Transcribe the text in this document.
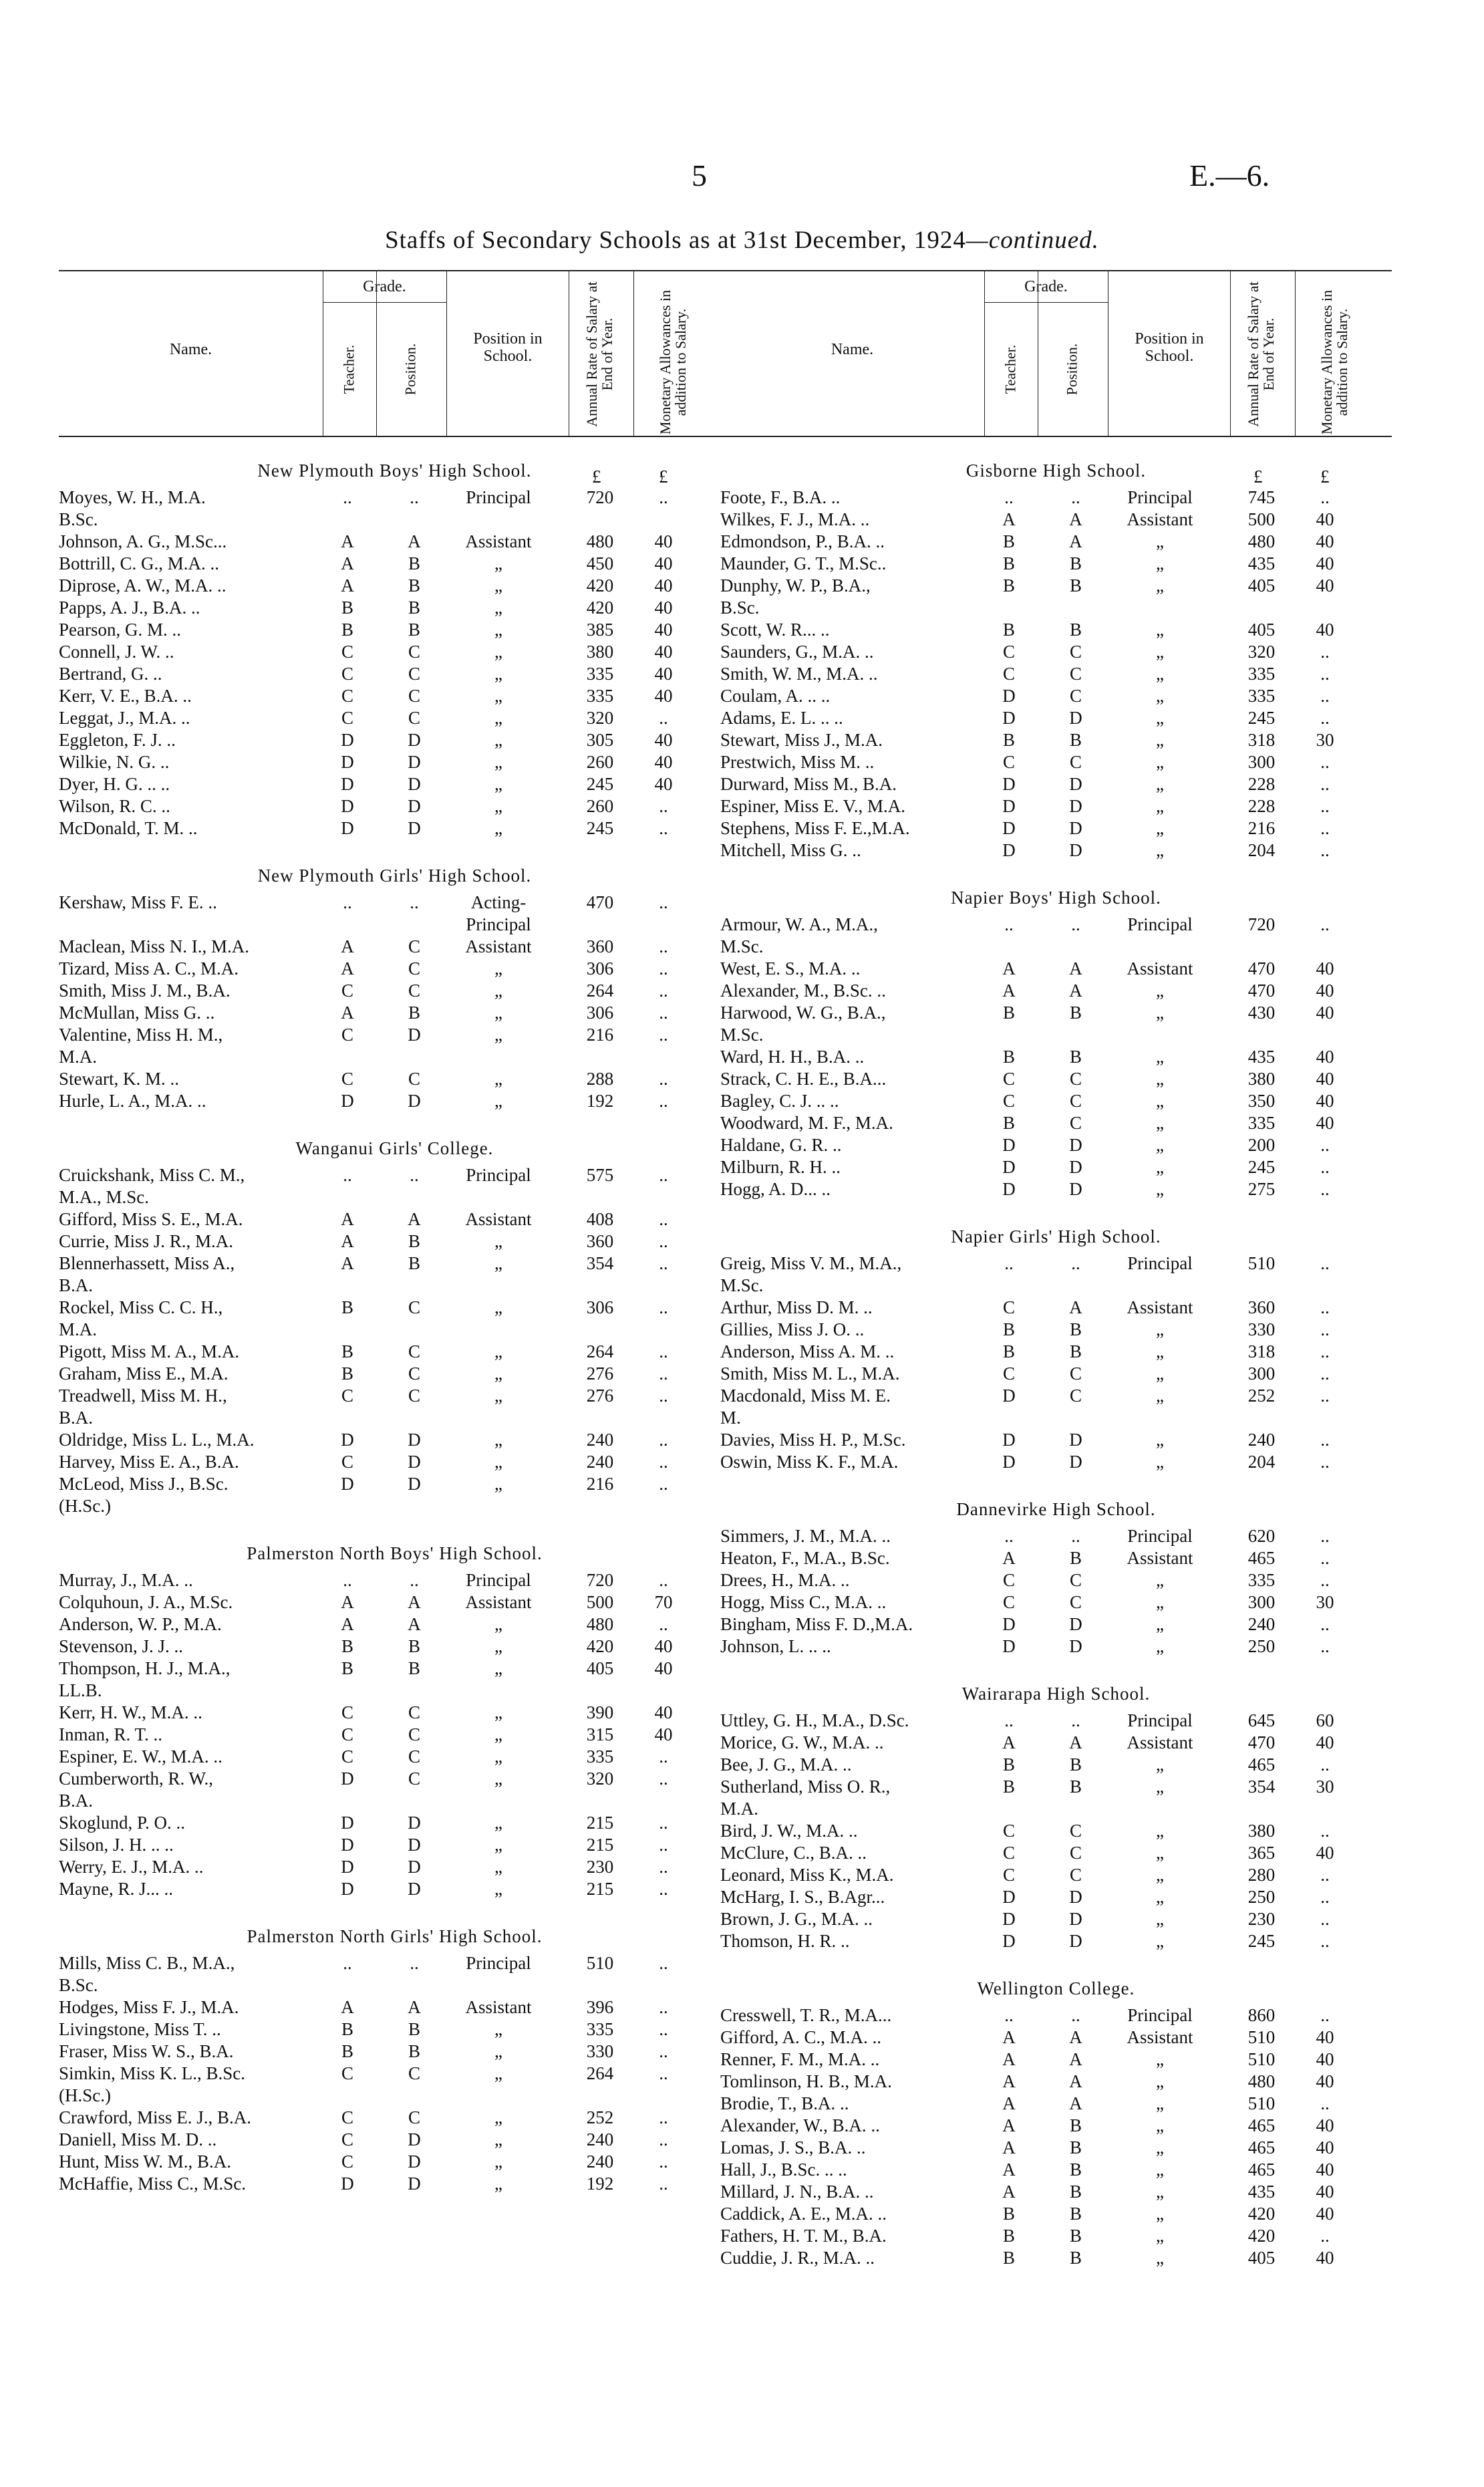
5	E.—6.
Staffs of Secondary Schools as at 31st December, 1924—continued.
Name.
Grade.
Teacher.	Position.
Position in School.	Annual Rate of Salary at End of Year.	Monetary Allowances in addition to Salary.
New Plymouth Boys' High School.	£	£
Moyes, W. H., M.A.	..	..	Principal	720	..
B.Sc.
Johnson, A. G., M.Sc...	A	A	Assistant	480	40
Bottrill, C. G., M.A. ..	A	B	„	450	40
Diprose, A. W., M.A. ..	A	B	„	420	40
Papps, A. J., B.A. ..	B	B	„	420	40
Pearson, G. M. ..	B	B	„	385	40
Connell, J. W. ..	C	C	„	380	40
Bertrand, G. ..	C	C	„	335	40
Kerr, V. E., B.A. ..	C	C	„	335	40
Leggat, J., M.A. ..	C	C	„	320	..
Eggleton, F. J. ..	D	D	„	305	40
Wilkie, N. G. ..	D	D	„	260	40
Dyer, H. G. .. ..	D	D	„	245	40
Wilson, R. C. ..	D	D	„	260	..
McDonald, T. M. ..	D	D	„	245	..
New Plymouth Girls' High School.
Kershaw, Miss F. E. ..	..	..	Acting-	470	..
Principal
Maclean, Miss N. I., M.A.	A	C	Assistant	360	..
Tizard, Miss A. C., M.A.	A	C	„	306	..
Smith, Miss J. M., B.A.	C	C	„	264	..
McMullan, Miss G. ..	A	B	„	306	..
Valentine, Miss H. M.,	C	D	„	216	..
M.A.
Stewart, K. M. ..	C	C	„	288	..
Hurle, L. A., M.A. ..	D	D	„	192	..
Wanganui Girls' College.
Cruickshank, Miss C. M.,	..	..	Principal	575	..
M.A., M.Sc.
Gifford, Miss S. E., M.A.	A	A	Assistant	408	..
Currie, Miss J. R., M.A.	A	B	„	360	..
Blennerhassett, Miss A.,	A	B	„	354	..
B.A.
Rockel, Miss C. C. H.,	B	C	„	306	..
M.A.
Pigott, Miss M. A., M.A.	B	C	„	264	..
Graham, Miss E., M.A.	B	C	„	276	..
Treadwell, Miss M. H.,	C	C	„	276	..
B.A.
Oldridge, Miss L. L., M.A.	D	D	„	240	..
Harvey, Miss E. A., B.A.	C	D	„	240	..
McLeod, Miss J., B.Sc.	D	D	„	216	..
(H.Sc.)
Palmerston North Boys' High School.
Murray, J., M.A. ..	..	..	Principal	720	..
Colquhoun, J. A., M.Sc.	A	A	Assistant	500	70
Anderson, W. P., M.A.	A	A	„	480	..
Stevenson, J. J. ..	B	B	„	420	40
Thompson, H. J., M.A.,	B	B	„	405	40
LL.B.
Kerr, H. W., M.A. ..	C	C	„	390	40
Inman, R. T. ..	C	C	„	315	40
Espiner, E. W., M.A. ..	C	C	„	335	..
Cumberworth, R. W.,	D	C	„	320	..
B.A.
Skoglund, P. O. ..	D	D	„	215	..
Silson, J. H. .. ..	D	D	„	215	..
Werry, E. J., M.A. ..	D	D	„	230	..
Mayne, R. J... ..	D	D	„	215	..
Palmerston North Girls' High School.
Mills, Miss C. B., M.A.,	..	..	Principal	510	..
B.Sc.
Hodges, Miss F. J., M.A.	A	A	Assistant	396	..
Livingstone, Miss T. ..	B	B	„	335	..
Fraser, Miss W. S., B.A.	B	B	„	330	..
Simkin, Miss K. L., B.Sc.	C	C	„	264	..
(H.Sc.)
Crawford, Miss E. J., B.A.	C	C	„	252	..
Daniell, Miss M. D. ..	C	D	„	240	..
Hunt, Miss W. M., B.A.	C	D	„	240	..
McHaffie, Miss C., M.Sc.	D	D	„	192	..
Name.
Grade.
Teacher.	Position.
Position in School.	Annual Rate of Salary at End of Year.	Monetary Allowances in addition to Salary.
Gisborne High School.	£	£
Foote, F., B.A. ..	..	..	Principal	745	..
Wilkes, F. J., M.A. ..	A	A	Assistant	500	40
Edmondson, P., B.A. ..	B	A	„	480	40
Maunder, G. T., M.Sc..	B	B	„	435	40
Dunphy, W. P., B.A.,	B	B	„	405	40
B.Sc.
Scott, W. R... ..	B	B	„	405	40
Saunders, G., M.A. ..	C	C	„	320	..
Smith, W. M., M.A. ..	C	C	„	335	..
Coulam, A. .. ..	D	C	„	335	..
Adams, E. L. .. ..	D	D	„	245	..
Stewart, Miss J., M.A.	B	B	„	318	30
Prestwich, Miss M. ..	C	C	„	300	..
Durward, Miss M., B.A.	D	D	„	228	..
Espiner, Miss E. V., M.A.	D	D	„	228	..
Stephens, Miss F. E.,M.A.	D	D	„	216	..
Mitchell, Miss G. ..	D	D	„	204	..
Napier Boys' High School.
Armour, W. A., M.A.,	..	..	Principal	720	..
M.Sc.
West, E. S., M.A. ..	A	A	Assistant	470	40
Alexander, M., B.Sc. ..	A	A	„	470	40
Harwood, W. G., B.A.,	B	B	„	430	40
M.Sc.
Ward, H. H., B.A. ..	B	B	„	435	40
Strack, C. H. E., B.A...	C	C	„	380	40
Bagley, C. J. .. ..	C	C	„	350	40
Woodward, M. F., M.A.	B	C	„	335	40
Haldane, G. R. ..	D	D	„	200	..
Milburn, R. H. ..	D	D	„	245	..
Hogg, A. D... ..	D	D	„	275	..
Napier Girls' High School.
Greig, Miss V. M., M.A.,	..	..	Principal	510	..
M.Sc.
Arthur, Miss D. M. ..	C	A	Assistant	360	..
Gillies, Miss J. O. ..	B	B	„	330	..
Anderson, Miss A. M. ..	B	B	„	318	..
Smith, Miss M. L., M.A.	C	C	„	300	..
Macdonald, Miss M. E.	D	C	„	252	..
M.
Davies, Miss H. P., M.Sc.	D	D	„	240	..
Oswin, Miss K. F., M.A.	D	D	„	204	..
Dannevirke High School.
Simmers, J. M., M.A. ..	..	..	Principal	620	..
Heaton, F., M.A., B.Sc.	A	B	Assistant	465	..
Drees, H., M.A. ..	C	C	„	335	..
Hogg, Miss C., M.A. ..	C	C	„	300	30
Bingham, Miss F. D.,M.A.	D	D	„	240	..
Johnson, L. .. ..	D	D	„	250	..
Wairarapa High School.
Uttley, G. H., M.A., D.Sc.	..	..	Principal	645	60
Morice, G. W., M.A. ..	A	A	Assistant	470	40
Bee, J. G., M.A. ..	B	B	„	465	..
Sutherland, Miss O. R.,	B	B	„	354	30
M.A.
Bird, J. W., M.A. ..	C	C	„	380	..
McClure, C., B.A. ..	C	C	„	365	40
Leonard, Miss K., M.A.	C	C	„	280	..
McHarg, I. S., B.Agr...	D	D	„	250	..
Brown, J. G., M.A. ..	D	D	„	230	..
Thomson, H. R. ..	D	D	„	245	..
Wellington College.
Cresswell, T. R., M.A...	..	..	Principal	860	..
Gifford, A. C., M.A. ..	A	A	Assistant	510	40
Renner, F. M., M.A. ..	A	A	„	510	40
Tomlinson, H. B., M.A.	A	A	„	480	40
Brodie, T., B.A. ..	A	A	„	510	..
Alexander, W., B.A. ..	A	B	„	465	40
Lomas, J. S., B.A. ..	A	B	„	465	40
Hall, J., B.Sc. .. ..	A	B	„	465	40
Millard, J. N., B.A. ..	A	B	„	435	40
Caddick, A. E., M.A. ..	B	B	„	420	40
Fathers, H. T. M., B.A.	B	B	„	420	..
Cuddie, J. R., M.A. ..	B	B	„	405	40
